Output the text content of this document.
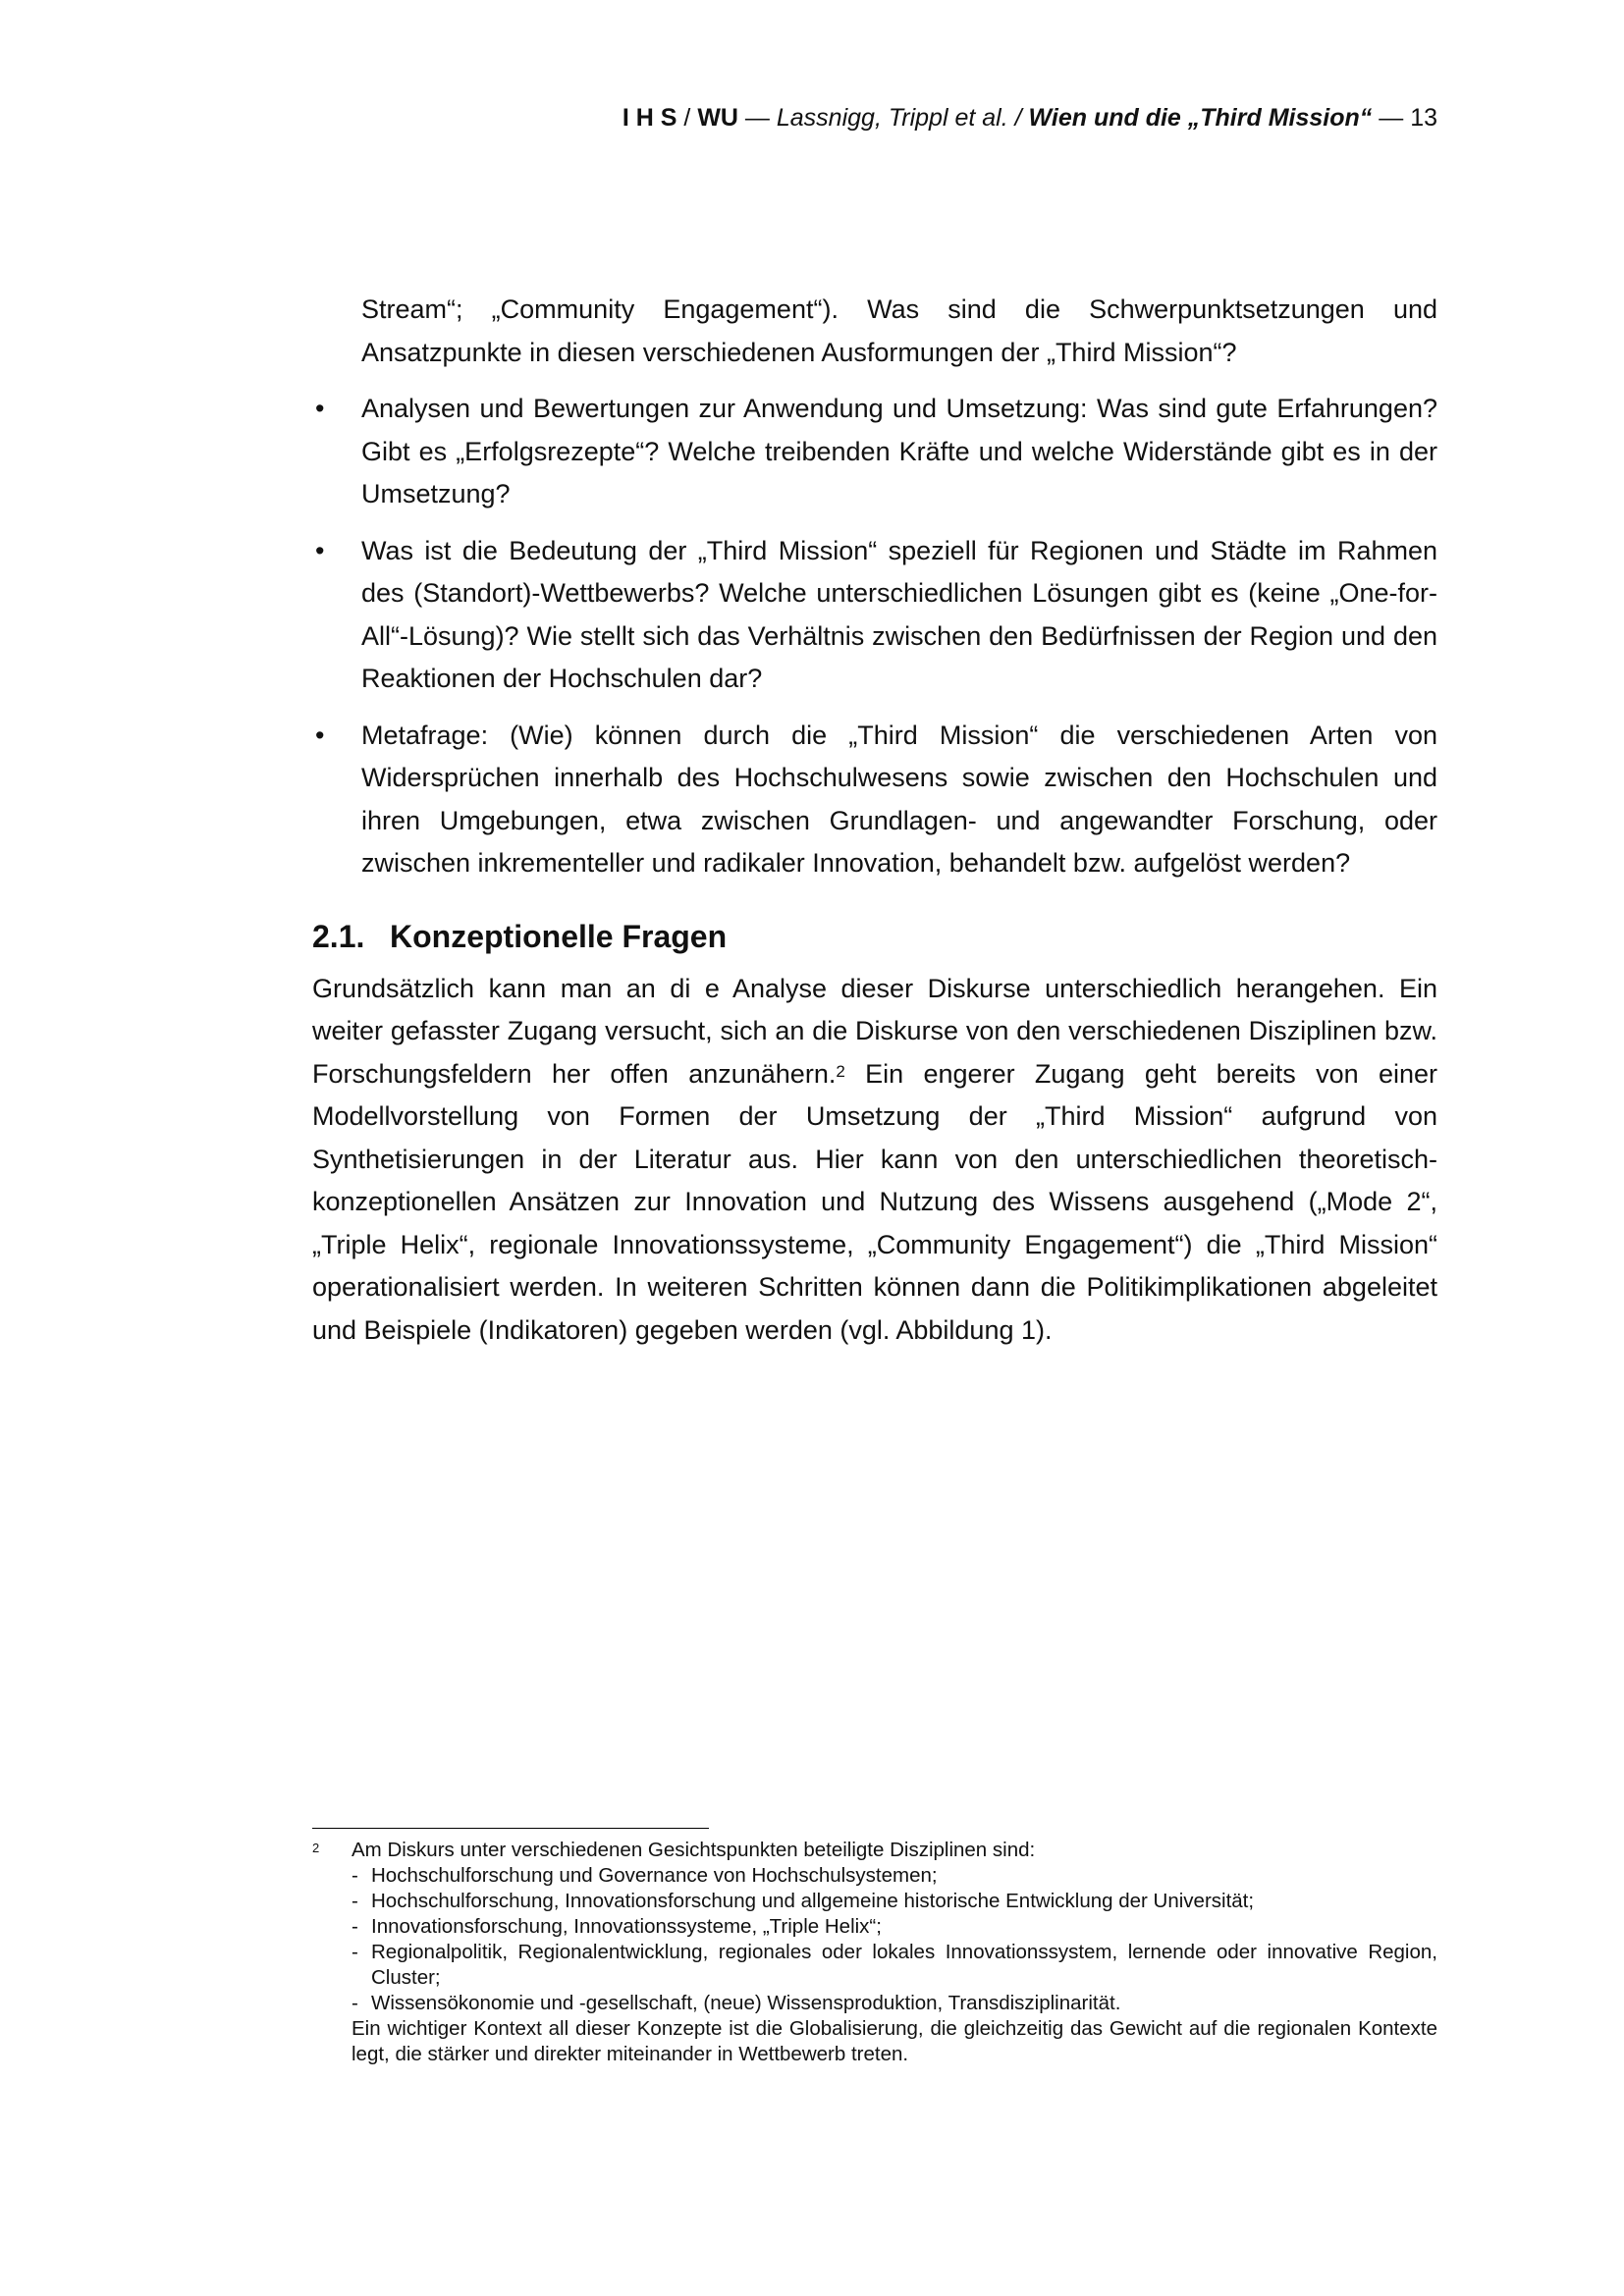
I H S / WU — Lassnigg, Trippl et al. / Wien und die „Third Mission“ — 13

Stream“; „Community Engagement“). Was sind die Schwerpunktsetzungen und Ansatzpunkte in diesen verschiedenen Ausformungen der „Third Mission“?

• Analysen und Bewertungen zur Anwendung und Umsetzung: Was sind gute Erfahrungen? Gibt es „Erfolgsrezepte“? Welche treibenden Kräfte und welche Widerstände gibt es in der Umsetzung?
• Was ist die Bedeutung der „Third Mission“ speziell für Regionen und Städte im Rahmen des (Standort)-Wettbewerbs? Welche unterschiedlichen Lösungen gibt es (keine „One-for-All“-Lösung)? Wie stellt sich das Verhältnis zwischen den Bedürfnissen der Region und den Reaktionen der Hochschulen dar?
• Metafrage: (Wie) können durch die „Third Mission“ die verschiedenen Arten von Widersprüchen innerhalb des Hochschulwesens sowie zwischen den Hochschulen und ihren Umgebungen, etwa zwischen Grundlagen- und angewandter Forschung, oder zwischen inkrementeller und radikaler Innovation, behandelt bzw. aufgelöst werden?
2.1. Konzeptionelle Fragen

Grundsätzlich kann man an di e Analyse dieser Diskurse unterschiedlich herangehen. Ein weiter gefasster Zugang versucht, sich an die Diskurse von den verschiedenen Disziplinen bzw. Forschungsfeldern her offen anzunähern.$^2$ Ein engerer Zugang geht bereits von einer Modellvorstellung von Formen der Umsetzung der „Third Mission“ aufgrund von Synthetisierungen in der Literatur aus. Hier kann von den unterschiedlichen theoretisch-konzeptionellen Ansätzen zur Innovation und Nutzung des Wissens ausgehend („Mode 2“, „Triple Helix“, regionale Innovationssysteme, „Community Engagement“) die „Third Mission“ operationalisiert werden. In weiteren Schritten können dann die Politikimplikationen abgeleitet und Beispiele (Indikatoren) gegeben werden (vgl. Abbildung 1).

2 Am Diskurs unter verschiedenen Gesichtspunkten beteiligte Disziplinen sind:
- Hochschulforschung und Governance von Hochschulsystemen;
- Hochschulforschung, Innovationsforschung und allgemeine historische Entwicklung der Universität;
- Innovationsforschung, Innovationssysteme, „Triple Helix“;
- Regionalpolitik, Regionalentwicklung, regionales oder lokales Innovationssystem, lernende oder innovative Region, Cluster;
- Wissensökonomie und -gesellschaft, (neue) Wissensproduktion, Transdisziplinarität.
Ein wichtiger Kontext all dieser Konzepte ist die Globalisierung, die gleichzeitig das Gewicht auf die regionalen Kontexte legt, die stärker und direkter miteinander in Wettbewerb treten.
